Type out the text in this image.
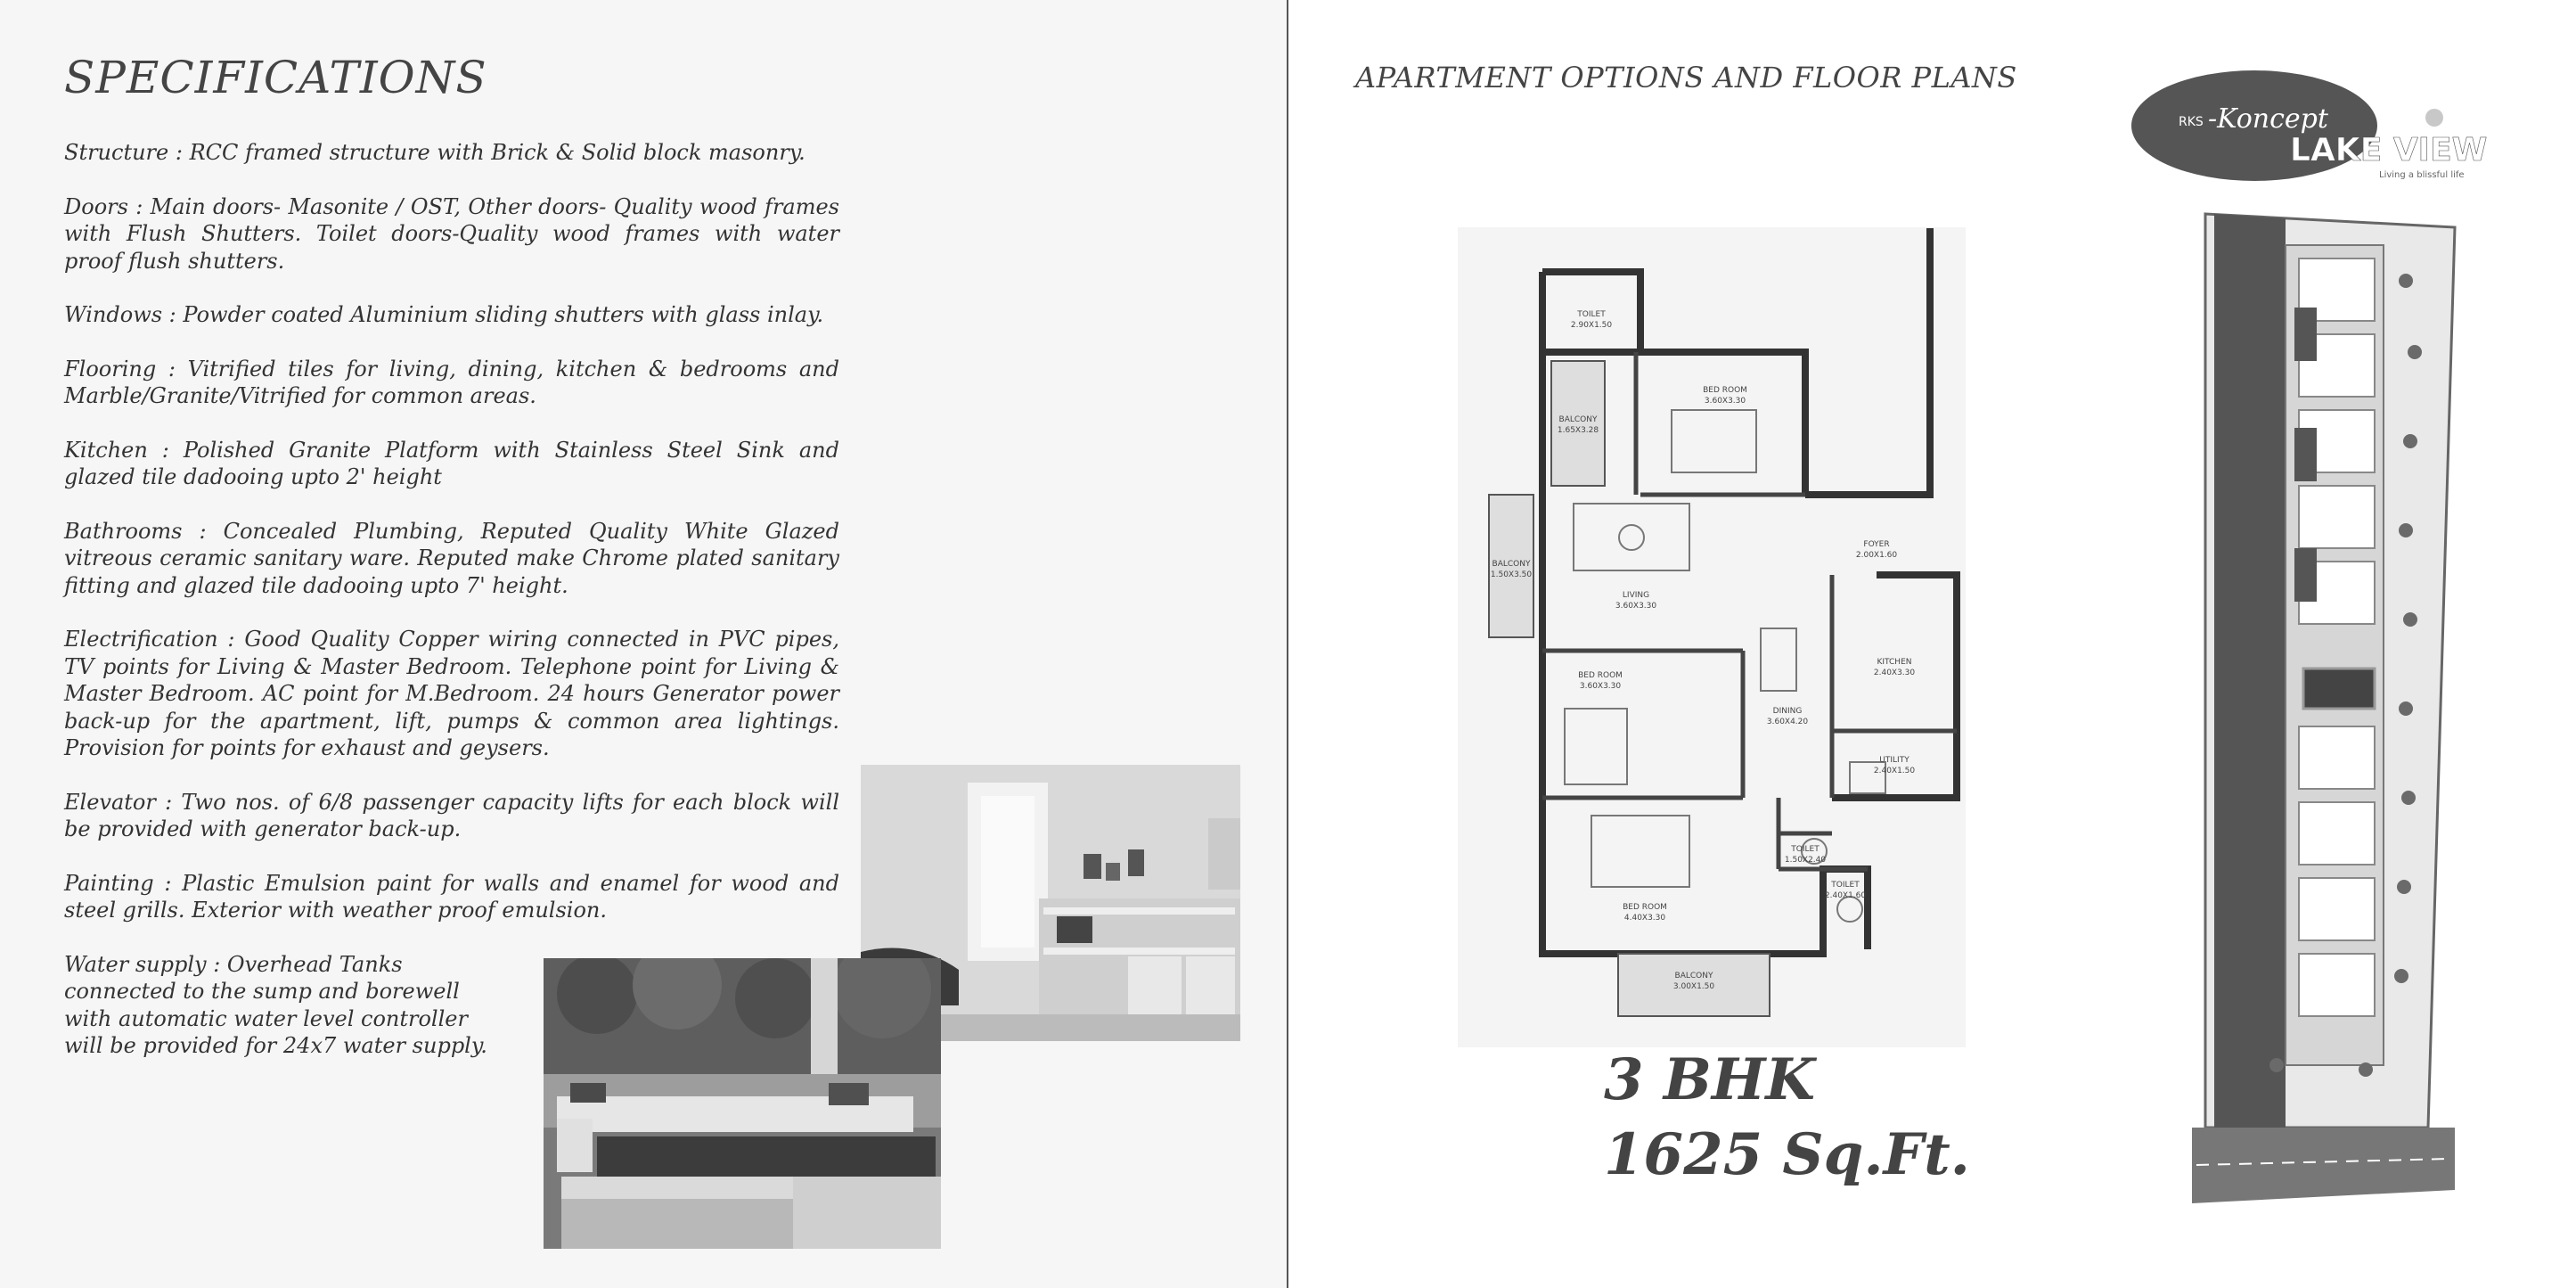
SPECIFICATIONS

Structure : RCC framed structure with Brick & Solid block masonry.

Doors : Main doors- Masonite / OST, Other doors- Quality wood frames with Flush Shutters. Toilet doors-Quality wood frames with water proof flush shutters.

Windows : Powder coated Aluminium sliding shutters with glass inlay.

Flooring : Vitrified tiles for living, dining, kitchen & bedrooms and Marble/Granite/Vitrified for common areas.

Kitchen : Polished Granite Platform with Stainless Steel Sink and glazed tile dadooing upto 2' height

Bathrooms : Concealed Plumbing, Reputed Quality White Glazed vitreous ceramic sanitary ware. Reputed make Chrome plated sanitary fitting and glazed tile dadooing upto 7' height.

Electrification : Good Quality Copper wiring connected in PVC pipes, TV points for Living & Master Bedroom. Telephone point for Living & Master Bedroom. AC point for M.Bedroom. 24 hours Generator power back-up for the apartment, lift, pumps & common area lightings. Provision for points for exhaust and geysers.

Elevator : Two nos. of 6/8 passenger capacity lifts for each block will be provided with generator back-up.

Painting : Plastic Emulsion paint for walls and enamel for wood and steel grills. Exterior with weather proof emulsion.

Water supply : Overhead Tanks connected to the sump and borewell with automatic water level controller will be provided for 24x7 water supply.

APARTMENT OPTIONS AND FLOOR PLANS
RKS -Koncept
LAKE VIEW
Living a blissful life
TOILET
2.90X1.50
BED ROOM
3.60X3.30
BALCONY
1.65X3.28
BALCONY
1.50X3.50
FOYER
2.00X1.60
LIVING
3.60X3.30
KITCHEN
2.40X3.30
BED ROOM
3.60X3.30
DINING
3.60X4.20
UTILITY
2.40X1.50
TOILET
1.50X2.40
TOILET
2.40X1.60
BED ROOM
4.40X3.30
BALCONY
3.00X1.50
3 BHK
1625 Sq.Ft.
